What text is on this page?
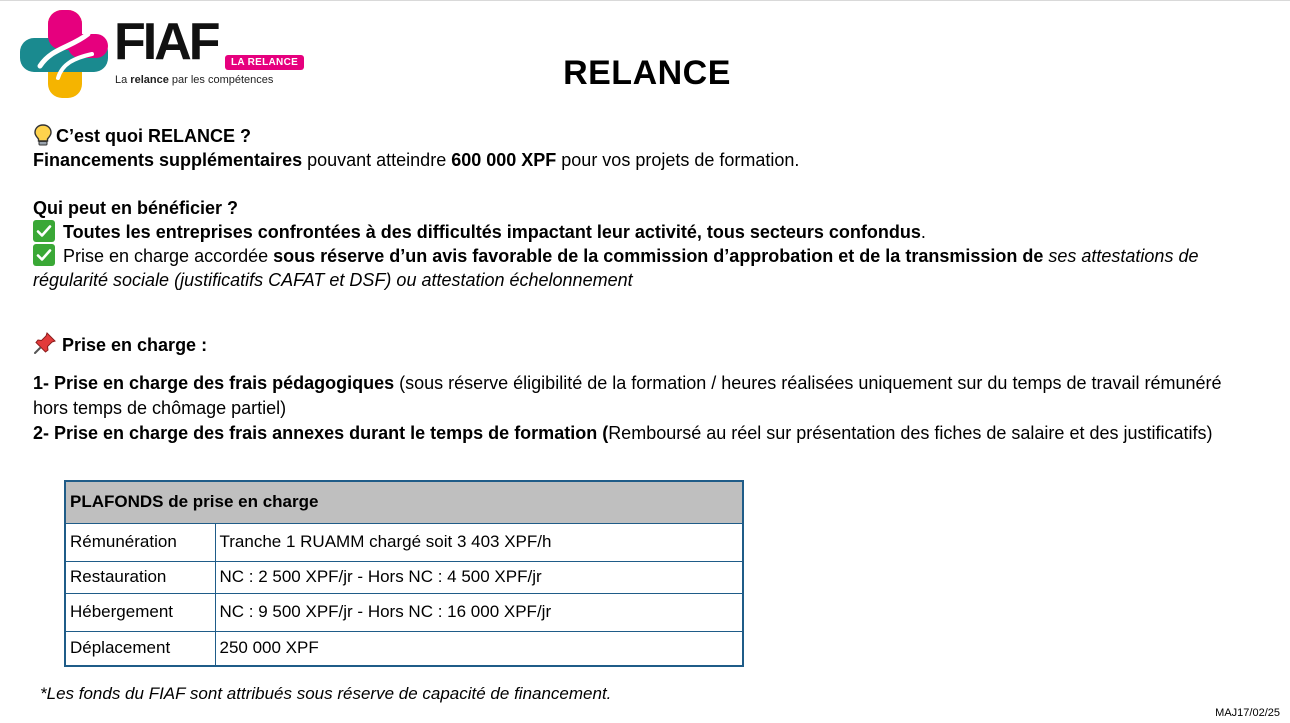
FIAF	LA RELANCE
La relance par les compétences	RELANCE
C’est quoi RELANCE ?
Financements supplémentaires pouvant atteindre 600 000 XPF pour vos projets de formation.
Qui peut en bénéficier ?
Toutes les entreprises confrontées à des difficultés impactant leur activité, tous secteurs confondus.
Prise en charge accordée sous réserve d’un avis favorable de la commission d’approbation et de la transmission de ses attestations de régularité sociale (justificatifs CAFAT et DSF) ou attestation échelonnement
Prise en charge :
1- Prise en charge des frais pédagogiques (sous réserve éligibilité de la formation / heures réalisées uniquement sur du temps de travail rémunéré hors temps de chômage partiel)
2- Prise en charge des frais annexes durant le temps de formation (Remboursé au réel sur présentation des fiches de salaire et des justificatifs)
PLAFONDS de prise en charge	
Rémunération	Tranche 1 RUAMM chargé soit 3 403 XPF/h
Restauration	NC : 2 500 XPF/jr - Hors NC : 4 500 XPF/jr
Hébergement	NC : 9 500 XPF/jr - Hors NC : 16 000 XPF/jr
Déplacement	250 000 XPF
*Les fonds du FIAF sont attribués sous réserve de capacité de financement.
MAJ17/02/25
